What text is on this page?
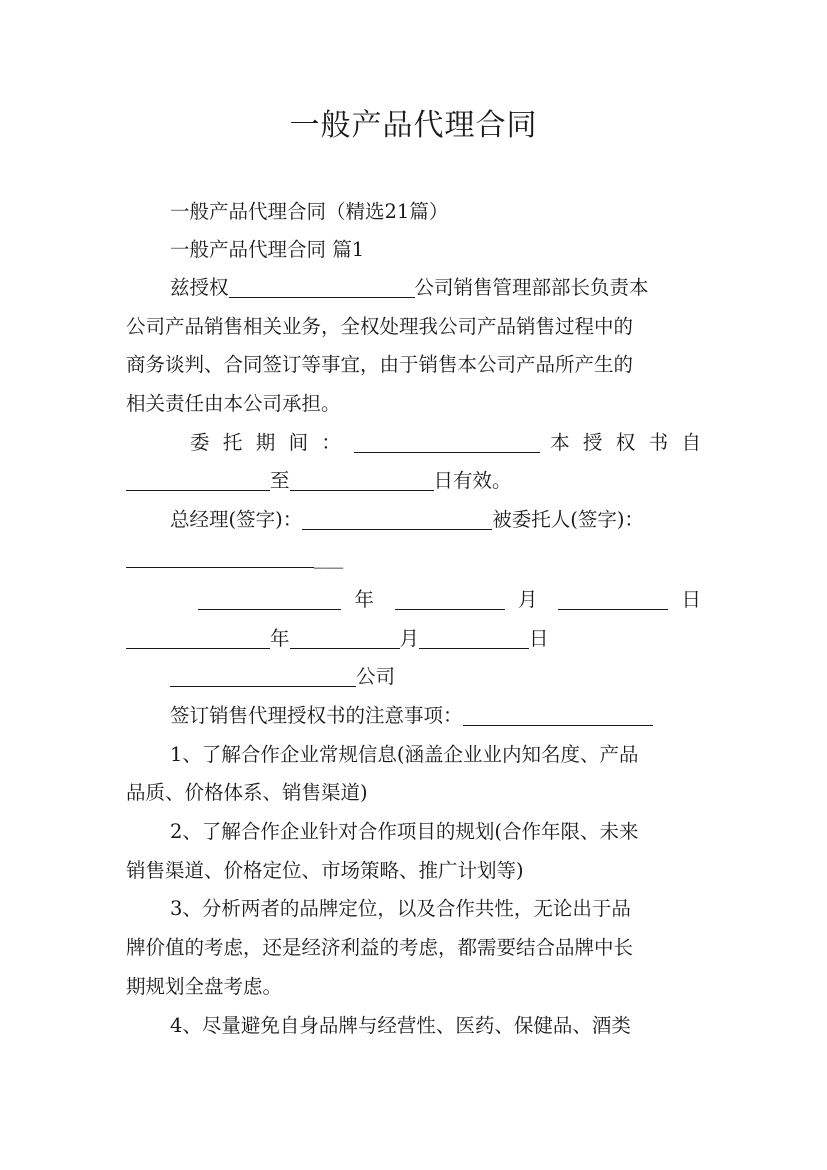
一般产品代理合同
一般产品代理合同（精选21篇）
一般产品代理合同 篇1
兹授权	公司销售管理部部长负责本
公司产品销售相关业务，全权处理我公司产品销售过程中的
商务谈判、合同签订等事宜，由于销售本公司产品所产生的
相关责任由本公司承担。
委 托 期 间 ：	本 授 权 书 自
至	日有效。
总经理(签字)：	被委托人(签字)：
___
年	月	日
年	月	日
公司
签订销售代理授权书的注意事项：
1、了解合作企业常规信息(涵盖企业业内知名度、产品
品质、价格体系、销售渠道)
2、了解合作企业针对合作项目的规划(合作年限、未来
销售渠道、价格定位、市场策略、推广计划等)
3、分析两者的品牌定位，以及合作共性，无论出于品
牌价值的考虑，还是经济利益的考虑，都需要结合品牌中长
期规划全盘考虑。
4、尽量避免自身品牌与经营性、医药、保健品、酒类
